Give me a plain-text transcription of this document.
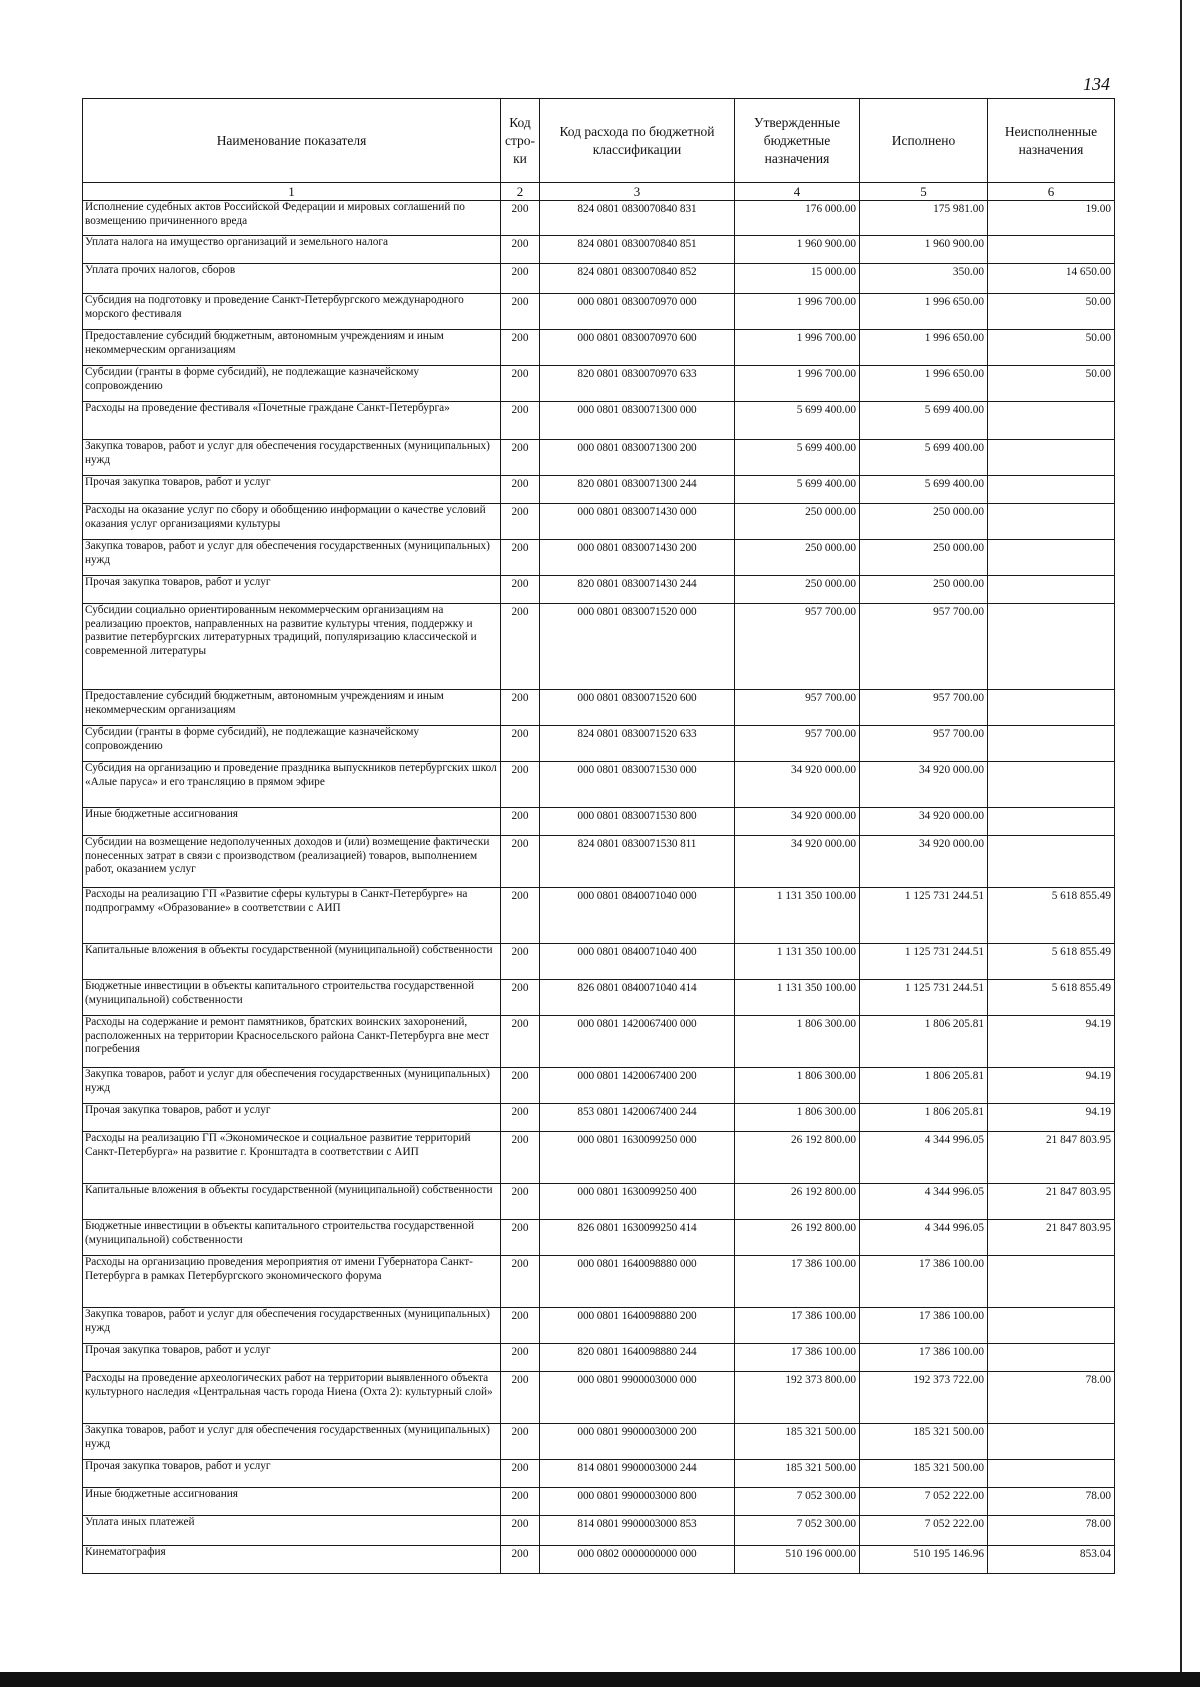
134
Наименование показателя	Код стро-ки	Код расхода по бюджетной классификации	Утвержденные бюджетные назначения	Исполнено	Неисполненные назначения
1	2	3	4	5	6
Исполнение судебных актов Российской Федерации и мировых соглашений по возмещению причиненного вреда	200	824 0801 0830070840 831	176 000.00	175 981.00	19.00
Уплата налога на имущество организаций и земельного налога	200	824 0801 0830070840 851	1 960 900.00	1 960 900.00	
Уплата прочих налогов, сборов	200	824 0801 0830070840 852	15 000.00	350.00	14 650.00
Субсидия на подготовку и проведение Санкт-Петербургского международного морского фестиваля	200	000 0801 0830070970 000	1 996 700.00	1 996 650.00	50.00
Предоставление субсидий бюджетным, автономным учреждениям и иным некоммерческим организациям	200	000 0801 0830070970 600	1 996 700.00	1 996 650.00	50.00
Субсидии (гранты в форме субсидий), не подлежащие казначейскому сопровождению	200	820 0801 0830070970 633	1 996 700.00	1 996 650.00	50.00
Расходы на проведение фестиваля «Почетные граждане Санкт-Петербурга»	200	000 0801 0830071300 000	5 699 400.00	5 699 400.00	
Закупка товаров, работ и услуг для обеспечения государственных (муниципальных) нужд	200	000 0801 0830071300 200	5 699 400.00	5 699 400.00	
Прочая закупка товаров, работ и услуг	200	820 0801 0830071300 244	5 699 400.00	5 699 400.00	
Расходы на оказание услуг по сбору и обобщению информации о качестве условий оказания услуг организациями культуры	200	000 0801 0830071430 000	250 000.00	250 000.00	
Закупка товаров, работ и услуг для обеспечения государственных (муниципальных) нужд	200	000 0801 0830071430 200	250 000.00	250 000.00	
Прочая закупка товаров, работ и услуг	200	820 0801 0830071430 244	250 000.00	250 000.00	
Субсидии социально ориентированным некоммерческим организациям на реализацию проектов, направленных на развитие культуры чтения, поддержку и развитие петербургских литературных традиций, популяризацию классической и современной литературы	200	000 0801 0830071520 000	957 700.00	957 700.00	
Предоставление субсидий бюджетным, автономным учреждениям и иным некоммерческим организациям	200	000 0801 0830071520 600	957 700.00	957 700.00	
Субсидии (гранты в форме субсидий), не подлежащие казначейскому сопровождению	200	824 0801 0830071520 633	957 700.00	957 700.00	
Субсидия на организацию и проведение праздника выпускников петербургских школ «Алые паруса» и его трансляцию в прямом эфире	200	000 0801 0830071530 000	34 920 000.00	34 920 000.00	
Иные бюджетные ассигнования	200	000 0801 0830071530 800	34 920 000.00	34 920 000.00	
Субсидии на возмещение недополученных доходов и (или) возмещение фактически понесенных затрат в связи с производством (реализацией) товаров, выполнением работ, оказанием услуг	200	824 0801 0830071530 811	34 920 000.00	34 920 000.00	
Расходы на реализацию ГП «Развитие сферы культуры в Санкт-Петербурге» на подпрограмму «Образование» в соответствии с АИП	200	000 0801 0840071040 000	1 131 350 100.00	1 125 731 244.51	5 618 855.49
Капитальные вложения в объекты государственной (муниципальной) собственности	200	000 0801 0840071040 400	1 131 350 100.00	1 125 731 244.51	5 618 855.49
Бюджетные инвестиции в объекты капитального строительства государственной (муниципальной) собственности	200	826 0801 0840071040 414	1 131 350 100.00	1 125 731 244.51	5 618 855.49
Расходы на содержание и ремонт памятников, братских воинских захоронений, расположенных на территории Красносельского района Санкт-Петербурга вне мест погребения	200	000 0801 1420067400 000	1 806 300.00	1 806 205.81	94.19
Закупка товаров, работ и услуг для обеспечения государственных (муниципальных) нужд	200	000 0801 1420067400 200	1 806 300.00	1 806 205.81	94.19
Прочая закупка товаров, работ и услуг	200	853 0801 1420067400 244	1 806 300.00	1 806 205.81	94.19
Расходы на реализацию ГП «Экономическое и социальное развитие территорий Санкт-Петербурга» на развитие г. Кронштадта в соответствии с АИП	200	000 0801 1630099250 000	26 192 800.00	4 344 996.05	21 847 803.95
Капитальные вложения в объекты государственной (муниципальной) собственности	200	000 0801 1630099250 400	26 192 800.00	4 344 996.05	21 847 803.95
Бюджетные инвестиции в объекты капитального строительства государственной (муниципальной) собственности	200	826 0801 1630099250 414	26 192 800.00	4 344 996.05	21 847 803.95
Расходы на организацию проведения мероприятия от имени Губернатора Санкт-Петербурга в рамках Петербургского экономического форума	200	000 0801 1640098880 000	17 386 100.00	17 386 100.00	
Закупка товаров, работ и услуг для обеспечения государственных (муниципальных) нужд	200	000 0801 1640098880 200	17 386 100.00	17 386 100.00	
Прочая закупка товаров, работ и услуг	200	820 0801 1640098880 244	17 386 100.00	17 386 100.00	
Расходы на проведение археологических работ на территории выявленного объекта культурного наследия «Центральная часть города Ниена (Охта 2): культурный слой»	200	000 0801 9900003000 000	192 373 800.00	192 373 722.00	78.00
Закупка товаров, работ и услуг для обеспечения государственных (муниципальных) нужд	200	000 0801 9900003000 200	185 321 500.00	185 321 500.00	
Прочая закупка товаров, работ и услуг	200	814 0801 9900003000 244	185 321 500.00	185 321 500.00	
Иные бюджетные ассигнования	200	000 0801 9900003000 800	7 052 300.00	7 052 222.00	78.00
Уплата иных платежей	200	814 0801 9900003000 853	7 052 300.00	7 052 222.00	78.00
Кинематография	200	000 0802 0000000000 000	510 196 000.00	510 195 146.96	853.04
